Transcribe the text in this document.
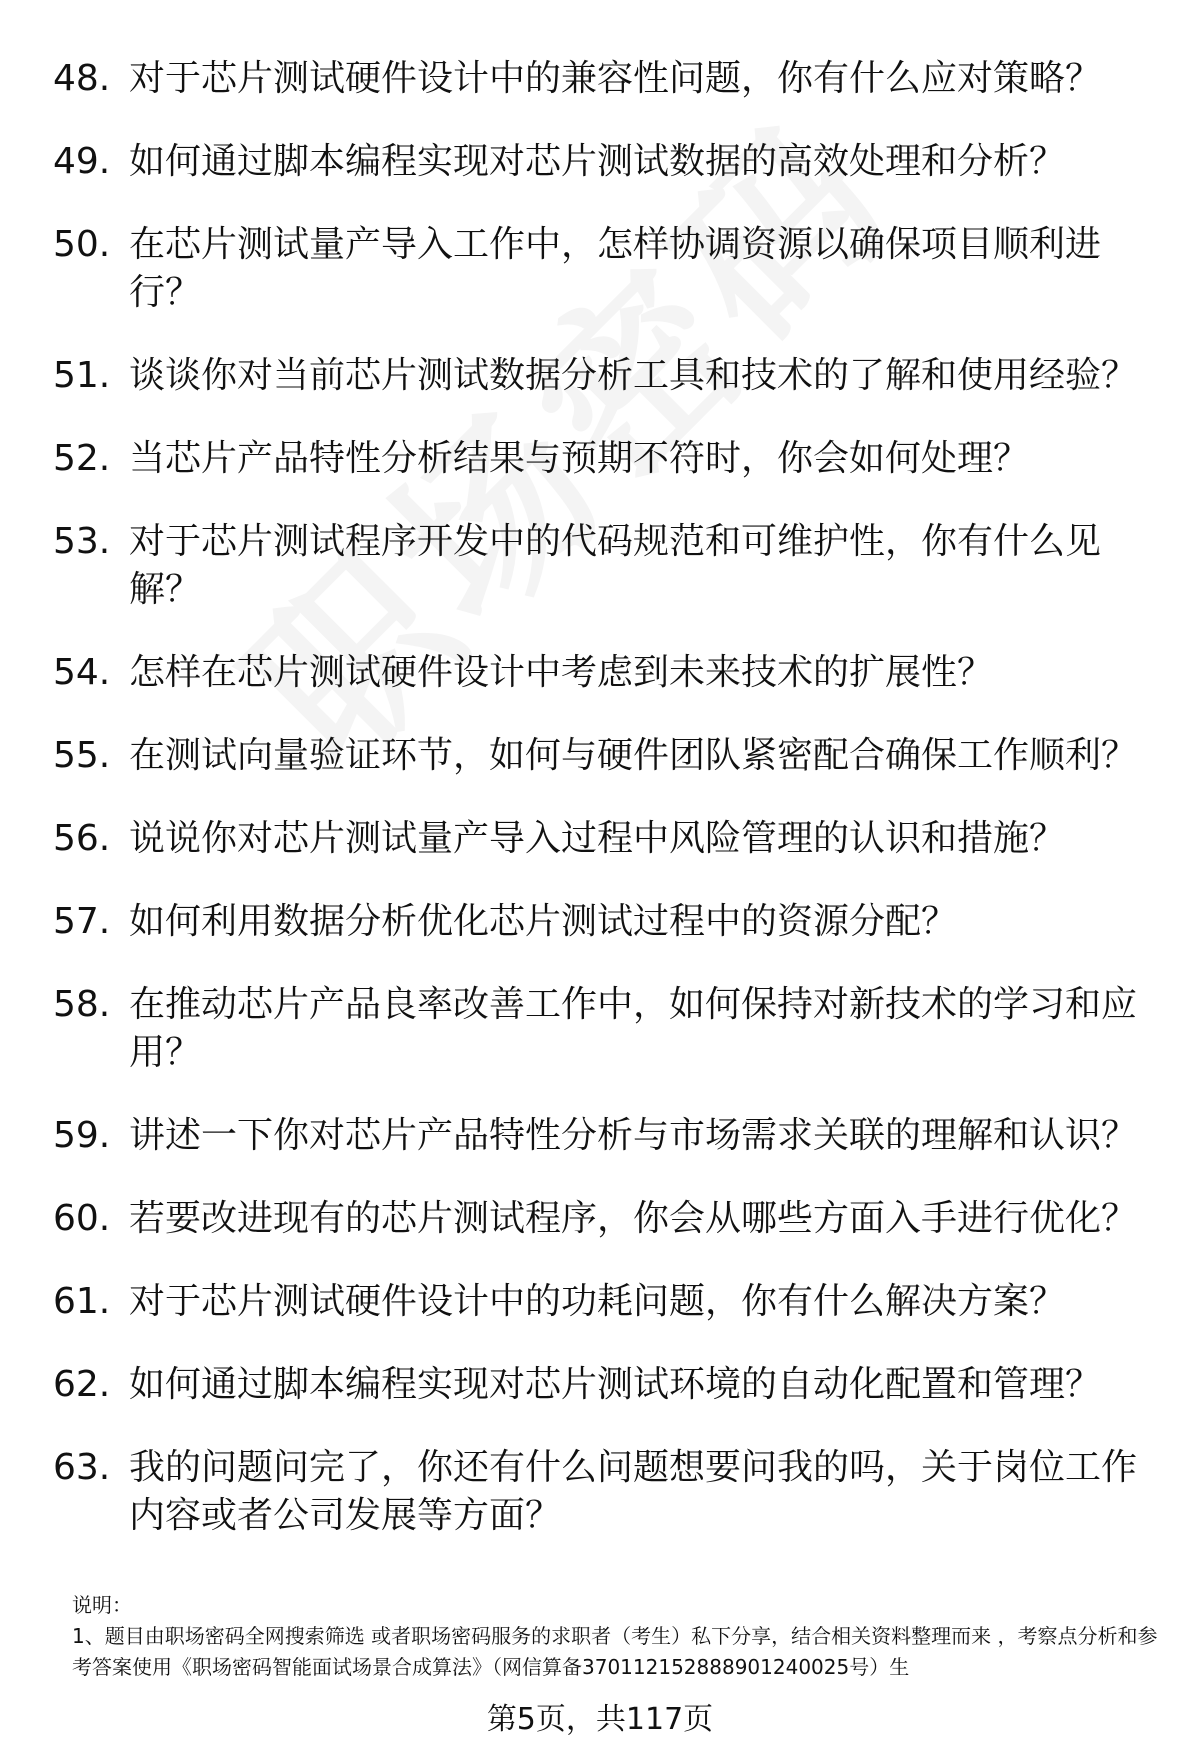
48. 对于芯片测试硬件设计中的兼容性问题，你有什么应对策略？
49. 如何通过脚本编程实现对芯片测试数据的高效处理和分析？
50. 在芯片测试量产导入工作中，怎样协调资源以确保项目顺利进行？
51. 谈谈你对当前芯片测试数据分析工具和技术的了解和使用经验？
52. 当芯片产品特性分析结果与预期不符时，你会如何处理？
53. 对于芯片测试程序开发中的代码规范和可维护性，你有什么见解？
54. 怎样在芯片测试硬件设计中考虑到未来技术的扩展性？
55. 在测试向量验证环节，如何与硬件团队紧密配合确保工作顺利？
56. 说说你对芯片测试量产导入过程中风险管理的认识和措施？
57. 如何利用数据分析优化芯片测试过程中的资源分配？
58. 在推动芯片产品良率改善工作中，如何保持对新技术的学习和应用？
59. 讲述一下你对芯片产品特性分析与市场需求关联的理解和认识？
60. 若要改进现有的芯片测试程序，你会从哪些方面入手进行优化？
61. 对于芯片测试硬件设计中的功耗问题，你有什么解决方案？
62. 如何通过脚本编程实现对芯片测试环境的自动化配置和管理？
63. 我的问题问完了，你还有什么问题想要问我的吗，关于岗位工作内容或者公司发展等方面？
说明：
1、题目由职场密码全网搜索筛选 或者职场密码服务的求职者（考生）私下分享，结合相关资料整理而来 ，考察点分析和参考答案使用《职场密码智能面试场景合成算法》（网信算备370112152888901240025号）生
第5页，共117页
